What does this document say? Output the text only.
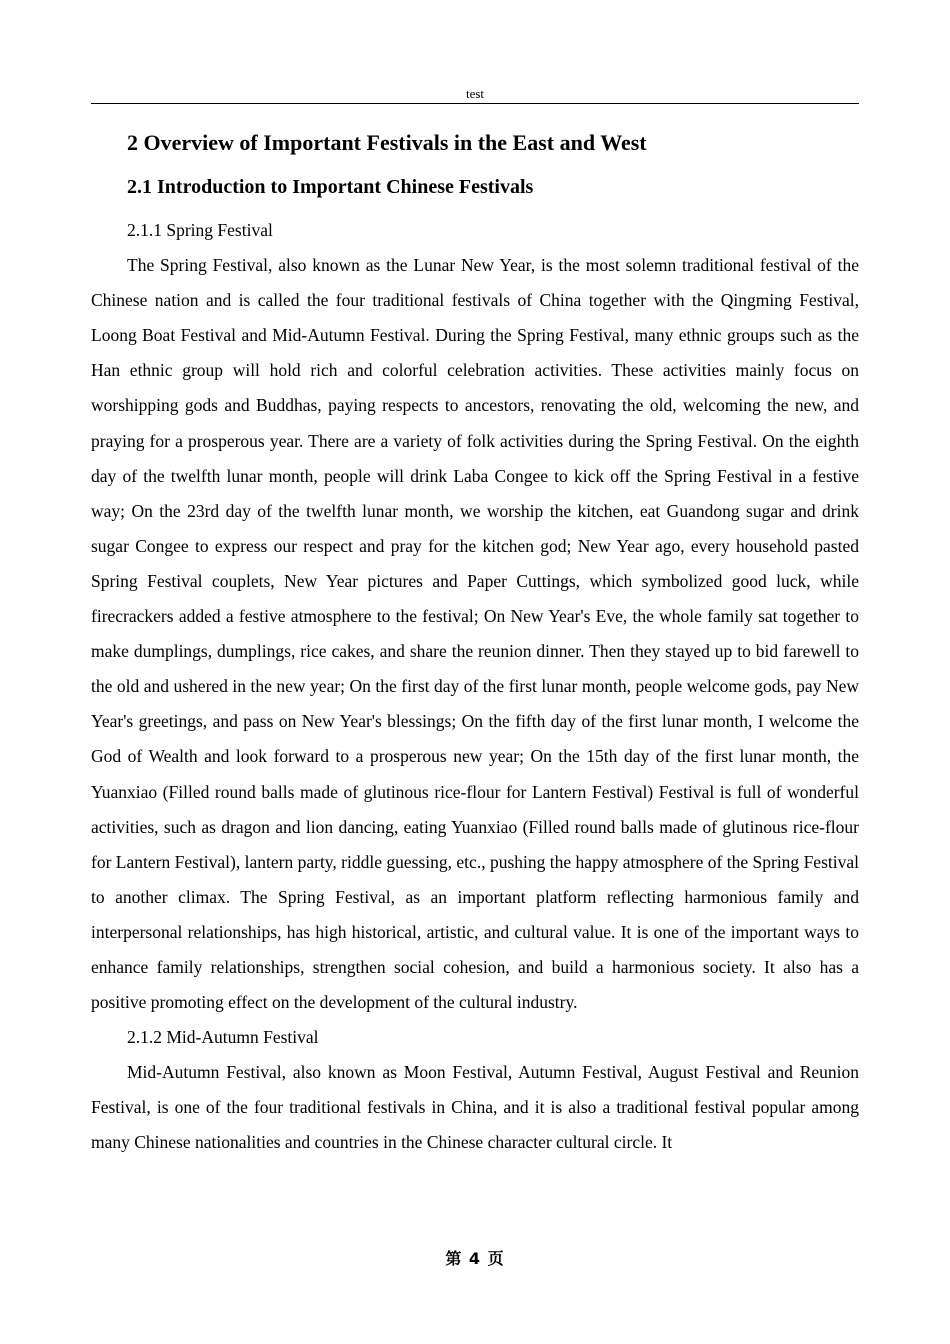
test
2 Overview of Important Festivals in the East and West
2.1 Introduction to Important Chinese Festivals
2.1.1 Spring Festival

The Spring Festival, also known as the Lunar New Year, is the most solemn traditional festival of the Chinese nation and is called the four traditional festivals of China together with the Qingming Festival, Loong Boat Festival and Mid-Autumn Festival. During the Spring Festival, many ethnic groups such as the Han ethnic group will hold rich and colorful celebration activities. These activities mainly focus on worshipping gods and Buddhas, paying respects to ancestors, renovating the old, welcoming the new, and praying for a prosperous year. There are a variety of folk activities during the Spring Festival. On the eighth day of the twelfth lunar month, people will drink Laba Congee to kick off the Spring Festival in a festive way; On the 23rd day of the twelfth lunar month, we worship the kitchen, eat Guandong sugar and drink sugar Congee to express our respect and pray for the kitchen god; New Year ago, every household pasted Spring Festival couplets, New Year pictures and Paper Cuttings, which symbolized good luck, while firecrackers added a festive atmosphere to the festival; On New Year's Eve, the whole family sat together to make dumplings, dumplings, rice cakes, and share the reunion dinner. Then they stayed up to bid farewell to the old and ushered in the new year; On the first day of the first lunar month, people welcome gods, pay New Year's greetings, and pass on New Year's blessings; On the fifth day of the first lunar month, I welcome the God of Wealth and look forward to a prosperous new year; On the 15th day of the first lunar month, the Yuanxiao (Filled round balls made of glutinous rice-flour for Lantern Festival) Festival is full of wonderful activities, such as dragon and lion dancing, eating Yuanxiao (Filled round balls made of glutinous rice-flour for Lantern Festival), lantern party, riddle guessing, etc., pushing the happy atmosphere of the Spring Festival to another climax. The Spring Festival, as an important platform reflecting harmonious family and interpersonal relationships, has high historical, artistic, and cultural value. It is one of the important ways to enhance family relationships, strengthen social cohesion, and build a harmonious society. It also has a positive promoting effect on the development of the cultural industry.

2.1.2 Mid-Autumn Festival

Mid-Autumn Festival, also known as Moon Festival, Autumn Festival, August Festival and Reunion Festival, is one of the four traditional festivals in China, and it is also a traditional festival popular among many Chinese nationalities and countries in the Chinese character cultural circle. It

第 4 页
